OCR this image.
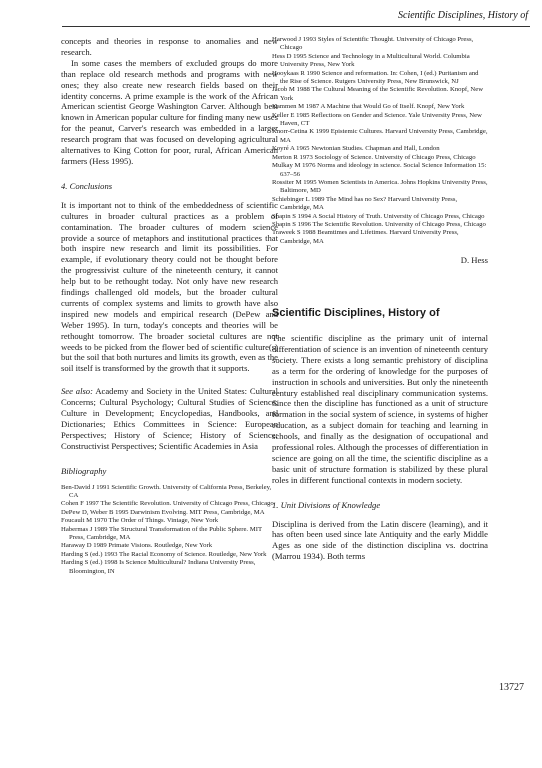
Scientific Disciplines, History of

concepts and theories in response to anomalies and new research.

In some cases the members of excluded groups do more than replace old research methods and programs with new ones; they also create new research fields based on their identity concerns. A prime example is the work of the African American scientist George Washington Carver. Although best known in American popular culture for finding many new uses for the peanut, Carver's research was embedded in a larger research program that was focused on developing agricultural alternatives to King Cotton for poor, rural, African American farmers (Hess 1995).

4. Conclusions

It is important not to think of the embeddedness of scientific cultures in broader cultural practices as a problem of contamination. The broader cultures of modern science provide a source of metaphors and institutional practices that both inspire new research and limit its possibilities. For example, if evolutionary theory could not be thought before the progressivist culture of the nineteenth century, it cannot help but to be rethought today. Not only have new research findings challenged old models, but the broader cultural currents of complex systems and limits to growth have also inspired new models and empirical research (DePew and Weber 1995). In turn, today's concepts and theories will be rethought tomorrow. The broader societal cultures are not weeds to be picked from the flower bed of scientific culture(s) but the soil that both nurtures and limits its growth, even as the soil itself is transformed by the growth that it supports.

See also: Academy and Society in the United States: Cultural Concerns; Cultural Psychology; Cultural Studies of Science; Culture in Development; Encyclopedias, Handbooks, and Dictionaries; Ethics Committees in Science: European Perspectives; History of Science; History of Science: Constructivist Perspectives; Scientific Academies in Asia

Bibliography
Ben-David J 1991 Scientific Growth. University of California Press, Berkeley, CA
Cohen F 1997 The Scientific Revolution. University of Chicago Press, Chicago
DePew D, Weber B 1995 Darwinism Evolving. MIT Press, Cambridge, MA
Foucault M 1970 The Order of Things. Vintage, New York
Habermas J 1989 The Structural Transformation of the Public Sphere. MIT Press, Cambridge, MA
Haraway D 1989 Primate Visions. Routledge, New York
Harding S (ed.) 1993 The Racial Economy of Science. Routledge, New York
Harding S (ed.) 1998 Is Science Multicultural? Indiana University Press, Bloomington, IN
Harwood J 1993 Styles of Scientific Thought. University of Chicago Press, Chicago
Hess D 1995 Science and Technology in a Multicultural World. Columbia University Press, New York
Hooykaas R 1990 Science and reformation. In: Cohen, I (ed.) Puritanism and the Rise of Science. Rutgers University Press, New Brunswick, NJ
Jacob M 1988 The Cultural Meaning of the Scientific Revolution. Knopf, New York
Kammen M 1987 A Machine that Would Go of Itself. Knopf, New York
Keller E 1985 Reflections on Gender and Science. Yale University Press, New Haven, CT
Knorr-Cetina K 1999 Epistemic Cultures. Harvard University Press, Cambridge, MA
Koyré A 1965 Newtonian Studies. Chapman and Hall, London
Merton R 1973 Sociology of Science. University of Chicago Press, Chicago
Mulkay M 1976 Norms and ideology in science. Social Science Information 15: 637–56
Rossiter M 1995 Women Scientists in America. Johns Hopkins University Press, Baltimore, MD
Schiebinger L 1989 The Mind has no Sex? Harvard University Press, Cambridge, MA
Shapin S 1994 A Social History of Truth. University of Chicago Press, Chicago
Shapin S 1996 The Scientific Revolution. University of Chicago Press, Chicago
Traweek S 1988 Beamtimes and Lifetimes. Harvard University Press, Cambridge, MA
D. Hess
Scientific Disciplines, History of

The scientific discipline as the primary unit of internal differentiation of science is an invention of nineteenth century society. There exists a long semantic prehistory of disciplina as a term for the ordering of knowledge for the purposes of instruction in schools and universities. But only the nineteenth century established real disciplinary communication systems. Since then the discipline has functioned as a unit of structure formation in the social system of science, in systems of higher education, as a subject domain for teaching and learning in schools, and finally as the designation of occupational and professional roles. Although the processes of differentiation in science are going on all the time, the scientific discipline as a basic unit of structure formation is stabilized by these plural roles in different functional contexts in modern society.

1. Unit Divisions of Knowledge

Disciplina is derived from the Latin discere (learning), and it has often been used since late Antiquity and the early Middle Ages as one side of the distinction disciplina vs. doctrina (Marrou 1934). Both terms

13727
